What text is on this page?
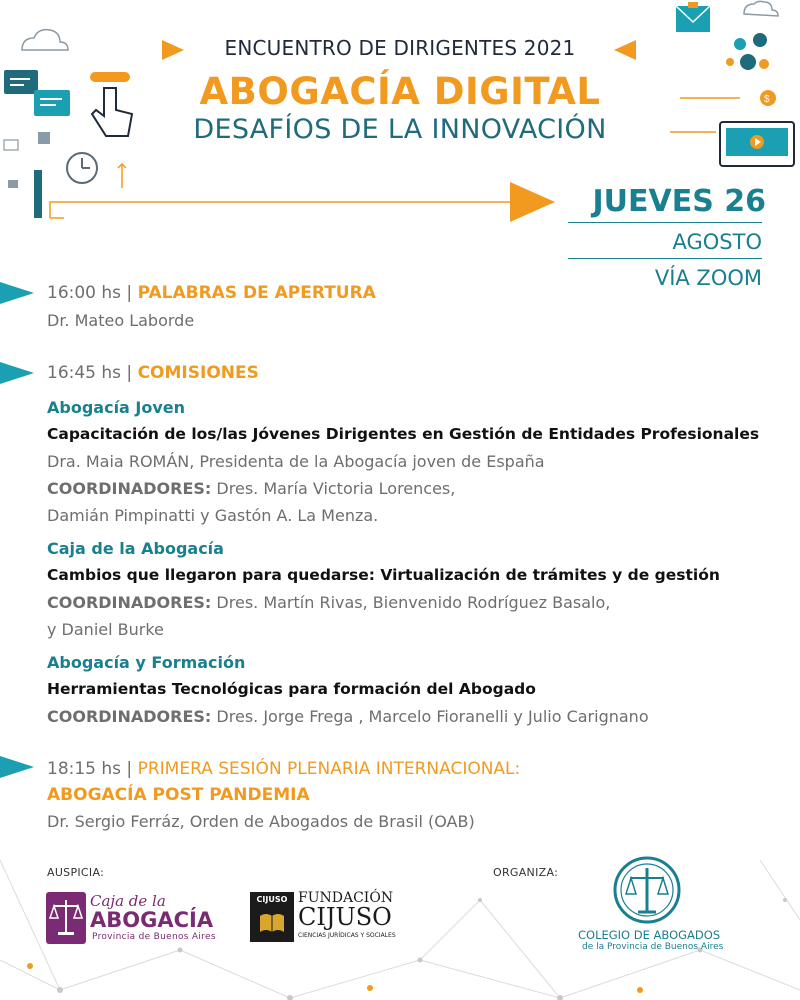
$
ENCUENTRO DE DIRIGENTES 2021
ABOGACÍA DIGITAL
DESAFÍOS DE LA INNOVACIÓN
JUEVES 26
AGOSTO
VÍA ZOOM
16:00 hs | PALABRAS DE APERTURA
Dr. Mateo Laborde
16:45 hs | COMISIONES
Abogacía Joven
Capacitación de los/las Jóvenes Dirigentes en Gestión de Entidades Profesionales
Dra. Maia ROMÁN, Presidenta de la Abogacía joven de España
COORDINADORES: Dres. María Victoria Lorences,
Damián Pimpinatti y Gastón A. La Menza.
Caja de la Abogacía
Cambios que llegaron para quedarse: Virtualización de trámites y de gestión
COORDINADORES: Dres. Martín Rivas, Bienvenido Rodríguez Basalo,
y Daniel Burke
Abogacía y Formación
Herramientas Tecnológicas para formación del Abogado
COORDINADORES: Dres. Jorge Frega , Marcelo Fioranelli y Julio Carignano
18:15 hs | PRIMERA SESIÓN PLENARIA INTERNACIONAL:
ABOGACÍA POST PANDEMIA
Dr. Sergio Ferráz, Orden de Abogados de Brasil (OAB)
AUSPICIA:	ORGANIZA:
Caja de la
ABOGACÍA
Provincia de Buenos Aires
CIJUSO FUNDACIÓN
CIJUSO
CIENCIAS JURÍDICAS Y SOCIALES	COLEGIO DE ABOGADOS
de la Provincia de Buenos Aires
